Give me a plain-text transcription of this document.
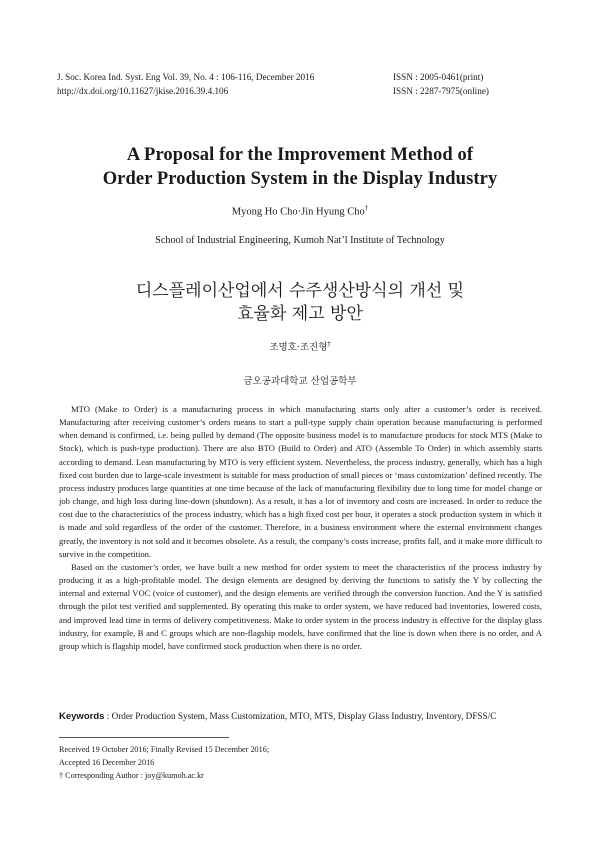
J. Soc. Korea Ind. Syst. Eng Vol. 39, No. 4 : 106-116, December 2016	ISSN : 2005-0461(print)
http://dx.doi.org/10.11627/jkise.2016.39.4.106	ISSN : 2287-7975(online)
A Proposal for the Improvement Method of
Order Production System in the Display Industry
Myong Ho Cho·Jin Hyung Cho†
School of Industrial Engineering, Kumoh Nat’l Institute of Technology
디스플레이산업에서 수주생산방식의 개선 및
효율화 제고 방안
조명호·조진형†
금오공과대학교 산업공학부

MTO (Make to Order) is a manufacturing process in which manufacturing starts only after a customer’s order is received. Manufacturing after receiving customer’s orders means to start a pull-type supply chain operation because manufacturing is performed when demand is confirmed, i.e. being pulled by demand (The opposite business model is to manufacture products for stock MTS (Make to Stock), which is push-type production). There are also BTO (Build to Order) and ATO (Assemble To Order) in which assembly starts according to demand. Lean manufacturing by MTO is very efficient system. Nevertheless, the process industry, generally, which has a high fixed cost burden due to large-scale investment is suitable for mass production of small pieces or ‘mass customization’ defined recently. The process industry produces large quantities at one time because of the lack of manufacturing flexibility due to long time for model change or job change, and high loss during line-down (shutdown). As a result, it has a lot of inventory and costs are increased. In order to reduce the cost due to the characteristics of the process industry, which has a high fixed cost per hour, it operates a stock production system in which it is made and sold regardless of the order of the customer. Therefore, in a business environment where the external environment changes greatly, the inventory is not sold and it becomes obsolete. As a result, the company’s costs increase, profits fall, and it make more difficult to survive in the competition.

Based on the customer’s order, we have built a new method for order system to meet the characteristics of the process industry by producing it as a high-profitable model. The design elements are designed by deriving the functions to satisfy the Y by collecting the internal and external VOC (voice of customer), and the design elements are verified through the conversion function. And the Y is satisfied through the pilot test verified and supplemented. By operating this make to order system, we have reduced bad inventories, lowered costs, and improved lead time in terms of delivery competitiveness. Make to order system in the process industry is effective for the display glass industry, for example, B and C groups which are non-flagship models, have confirmed that the line is down when there is no order, and A group which is flagship model, have confirmed stock production when there is no order.

Keywords : Order Production System, Mass Customization, MTO, MTS, Display Glass Industry, Inventory, DFSS/C
Received 19 October 2016; Finally Revised 15 December 2016;
Accepted 16 December 2016
† Corresponding Author : joy@kumoh.ac.kr
